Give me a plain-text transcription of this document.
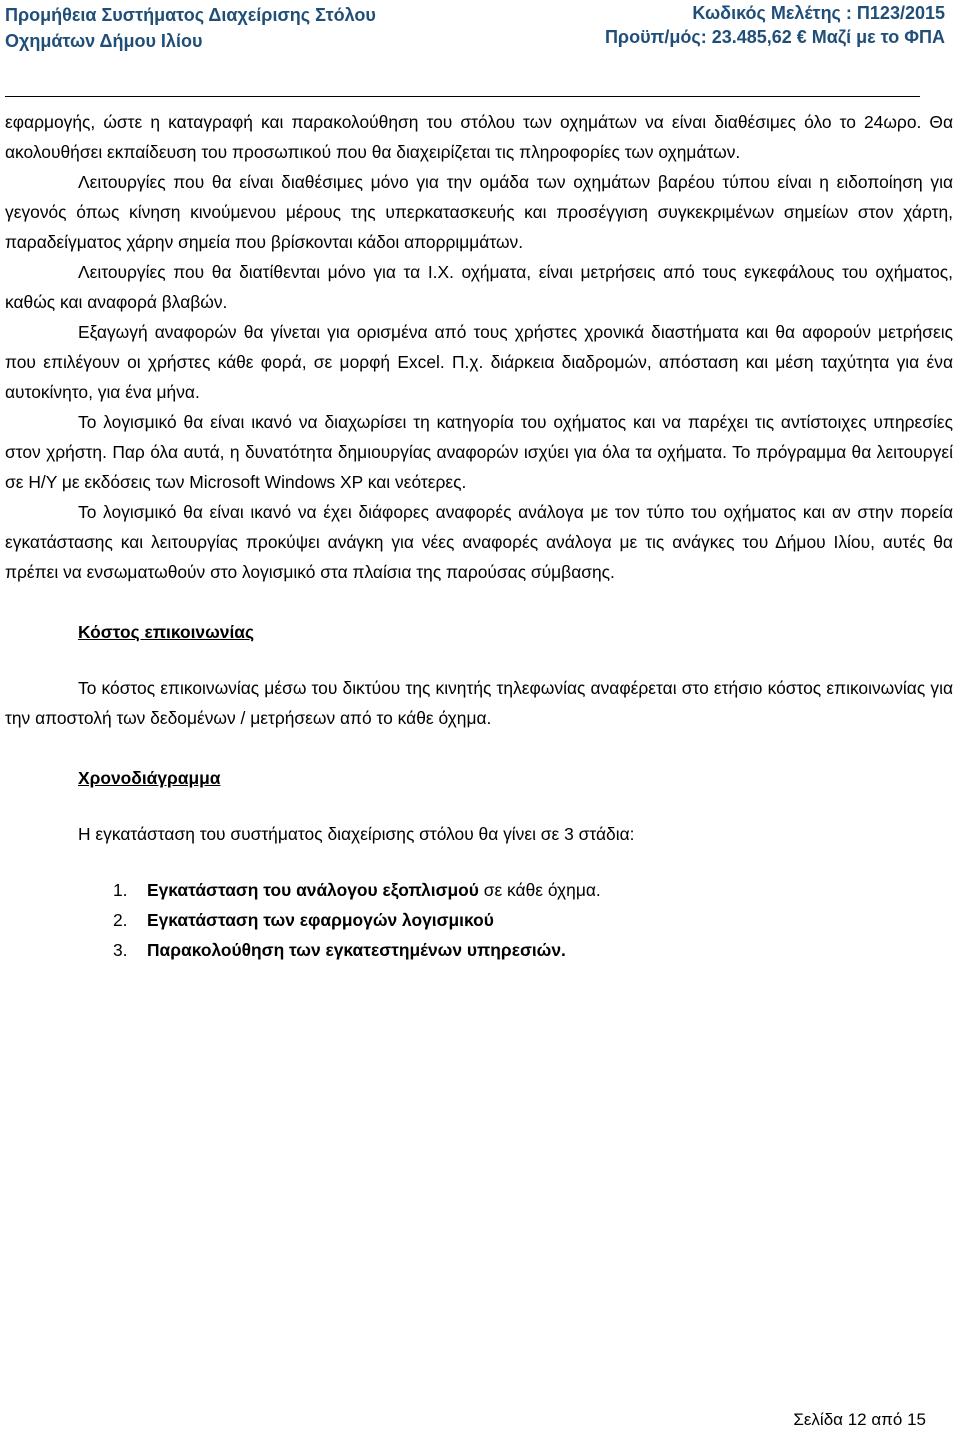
Προμήθεια Συστήματος Διαχείρισης Στόλου
Οχημάτων Δήμου Ιλίου
Κωδικός Μελέτης : Π123/2015
Προϋπ/μός: 23.485,62 € Μαζί με το ΦΠΑ

εφαρμογής, ώστε η καταγραφή και παρακολούθηση του στόλου των οχημάτων να είναι διαθέσιμες όλο το 24ωρο. Θα ακολουθήσει εκπαίδευση του προσωπικού που θα διαχειρίζεται τις πληροφορίες των οχημάτων.

Λειτουργίες που θα είναι διαθέσιμες μόνο για την ομάδα των οχημάτων βαρέου τύπου είναι η ειδοποίηση για γεγονός όπως κίνηση κινούμενου μέρους της υπερκατασκευής και προσέγγιση συγκεκριμένων σημείων στον χάρτη, παραδείγματος χάρην σημεία που βρίσκονται κάδοι απορριμμάτων.

Λειτουργίες που θα διατίθενται μόνο για τα Ι.Χ. οχήματα, είναι μετρήσεις από τους εγκεφάλους του οχήματος, καθώς και αναφορά βλαβών.

Εξαγωγή αναφορών θα γίνεται για ορισμένα από τους χρήστες χρονικά διαστήματα και θα αφορούν μετρήσεις που επιλέγουν οι χρήστες κάθε φορά, σε μορφή Excel. Π.χ. διάρκεια διαδρομών, απόσταση και μέση ταχύτητα για ένα αυτοκίνητο, για ένα μήνα.

Το λογισμικό θα είναι ικανό να διαχωρίσει τη κατηγορία του οχήματος και να παρέχει τις αντίστοιχες υπηρεσίες στον χρήστη. Παρ όλα αυτά, η δυνατότητα δημιουργίας αναφορών ισχύει για όλα τα οχήματα. Το πρόγραμμα θα λειτουργεί σε Η/Υ με εκδόσεις των Microsoft Windows XP και νεότερες.

Το λογισμικό θα είναι ικανό να έχει διάφορες αναφορές ανάλογα με τον τύπο του οχήματος και αν στην πορεία εγκατάστασης και λειτουργίας προκύψει ανάγκη για νέες αναφορές ανάλογα με τις ανάγκες του Δήμου Ιλίου, αυτές θα πρέπει να ενσωματωθούν στο λογισμικό στα πλαίσια της παρούσας σύμβασης.

Κόστος επικοινωνίας

Το κόστος επικοινωνίας μέσω του δικτύου της κινητής τηλεφωνίας αναφέρεται στο ετήσιο κόστος επικοινωνίας για την αποστολή των δεδομένων / μετρήσεων από το κάθε όχημα.

Χρονοδιάγραμμα

Η εγκατάσταση του συστήματος διαχείρισης στόλου θα γίνει σε 3 στάδια:

1.	Εγκατάσταση του ανάλογου εξοπλισμού σε κάθε όχημα.
2.	Εγκατάσταση των εφαρμογών λογισμικού
3.	Παρακολούθηση των εγκατεστημένων υπηρεσιών.
Σελίδα 12 από 15
